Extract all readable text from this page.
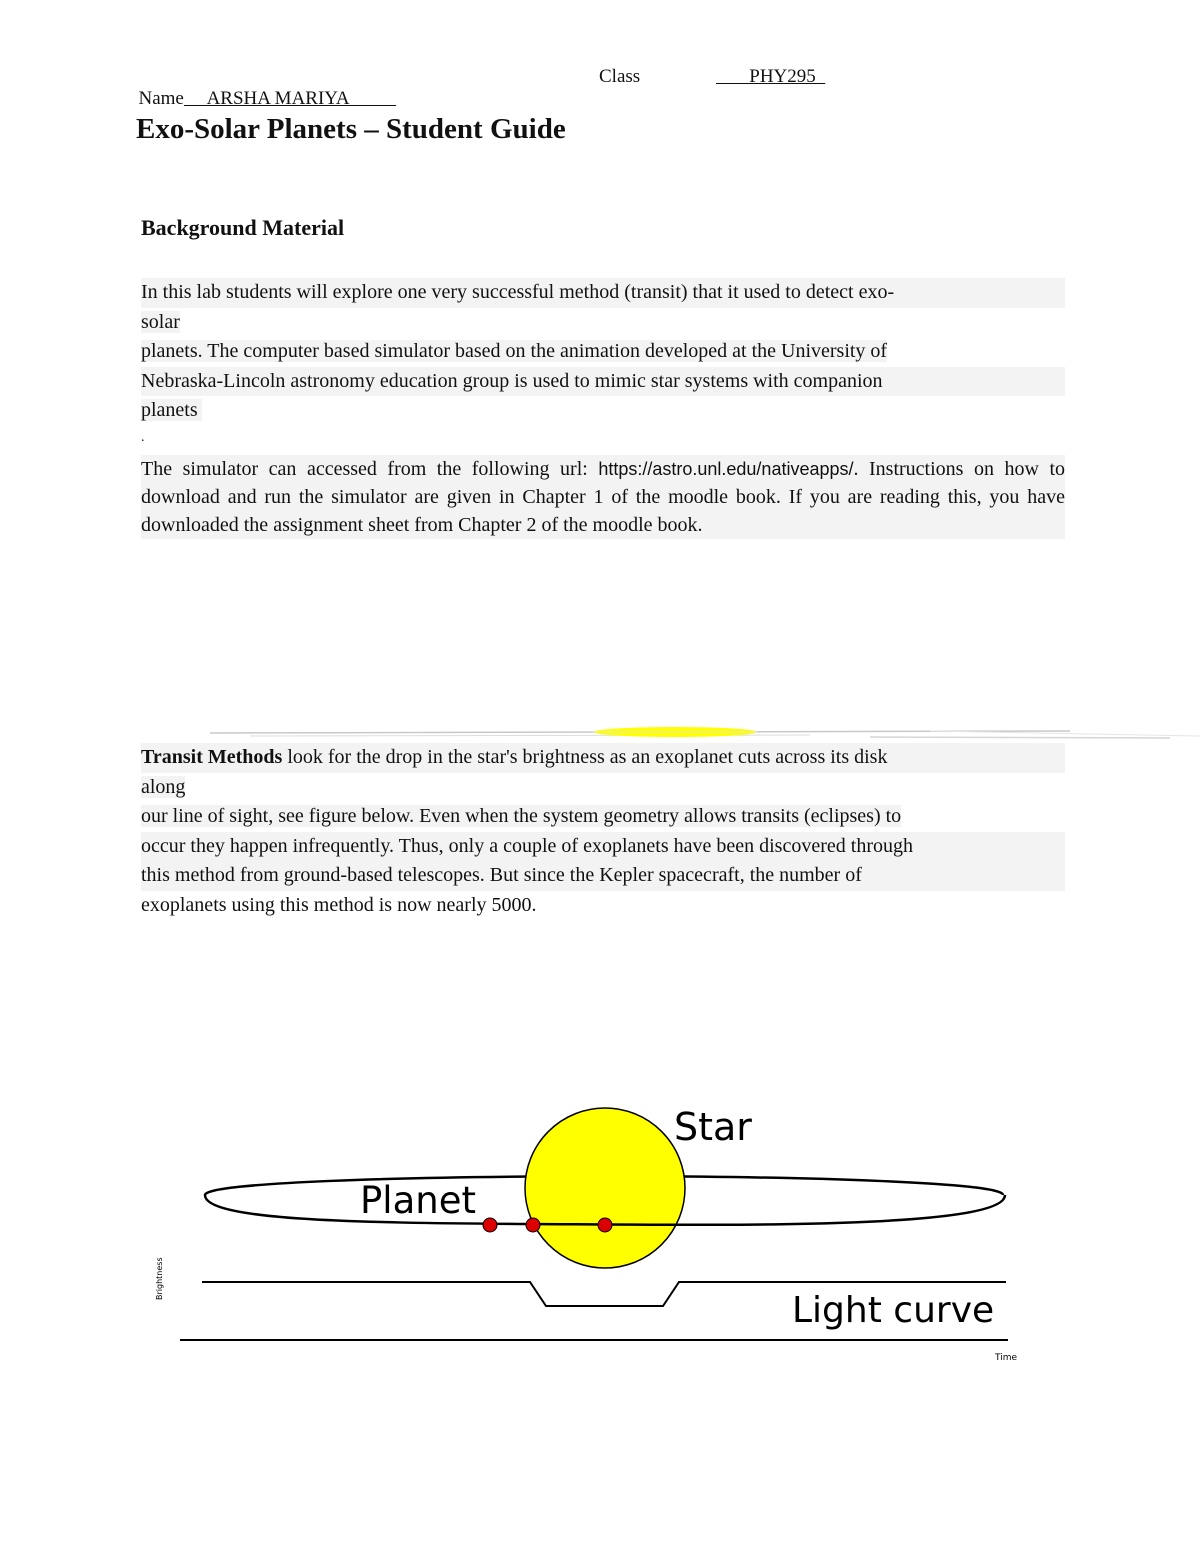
Name     ARSHA MARIYA

Class	PHY295
Exo-Solar Planets – Student Guide
Background Material
In this lab students will explore one very successful method (transit) that it used to detect exo-
solar
planets. The computer based simulator based on the animation developed at the University of
Nebraska-Lincoln astronomy education group is used to mimic star systems with companion
planets
.
The simulator can accessed from the following url: https://astro.unl.edu/nativeapps/. Instructions on how to download and run the simulator are given in Chapter 1 of the moodle book. If you are reading this, you have downloaded the assignment sheet from Chapter 2 of the moodle book.
Transit Methods look for the drop in the star's brightness as an exoplanet cuts across its disk
along
our line of sight, see figure below. Even when the system geometry allows transits (eclipses) to
occur they happen infrequently. Thus, only a couple of exoplanets have been discovered through
this method from ground-based telescopes. But since the Kepler spacecraft, the number of
exoplanets using this method is now nearly 5000.
Star
Planet
Light curve
Brightness
Time
